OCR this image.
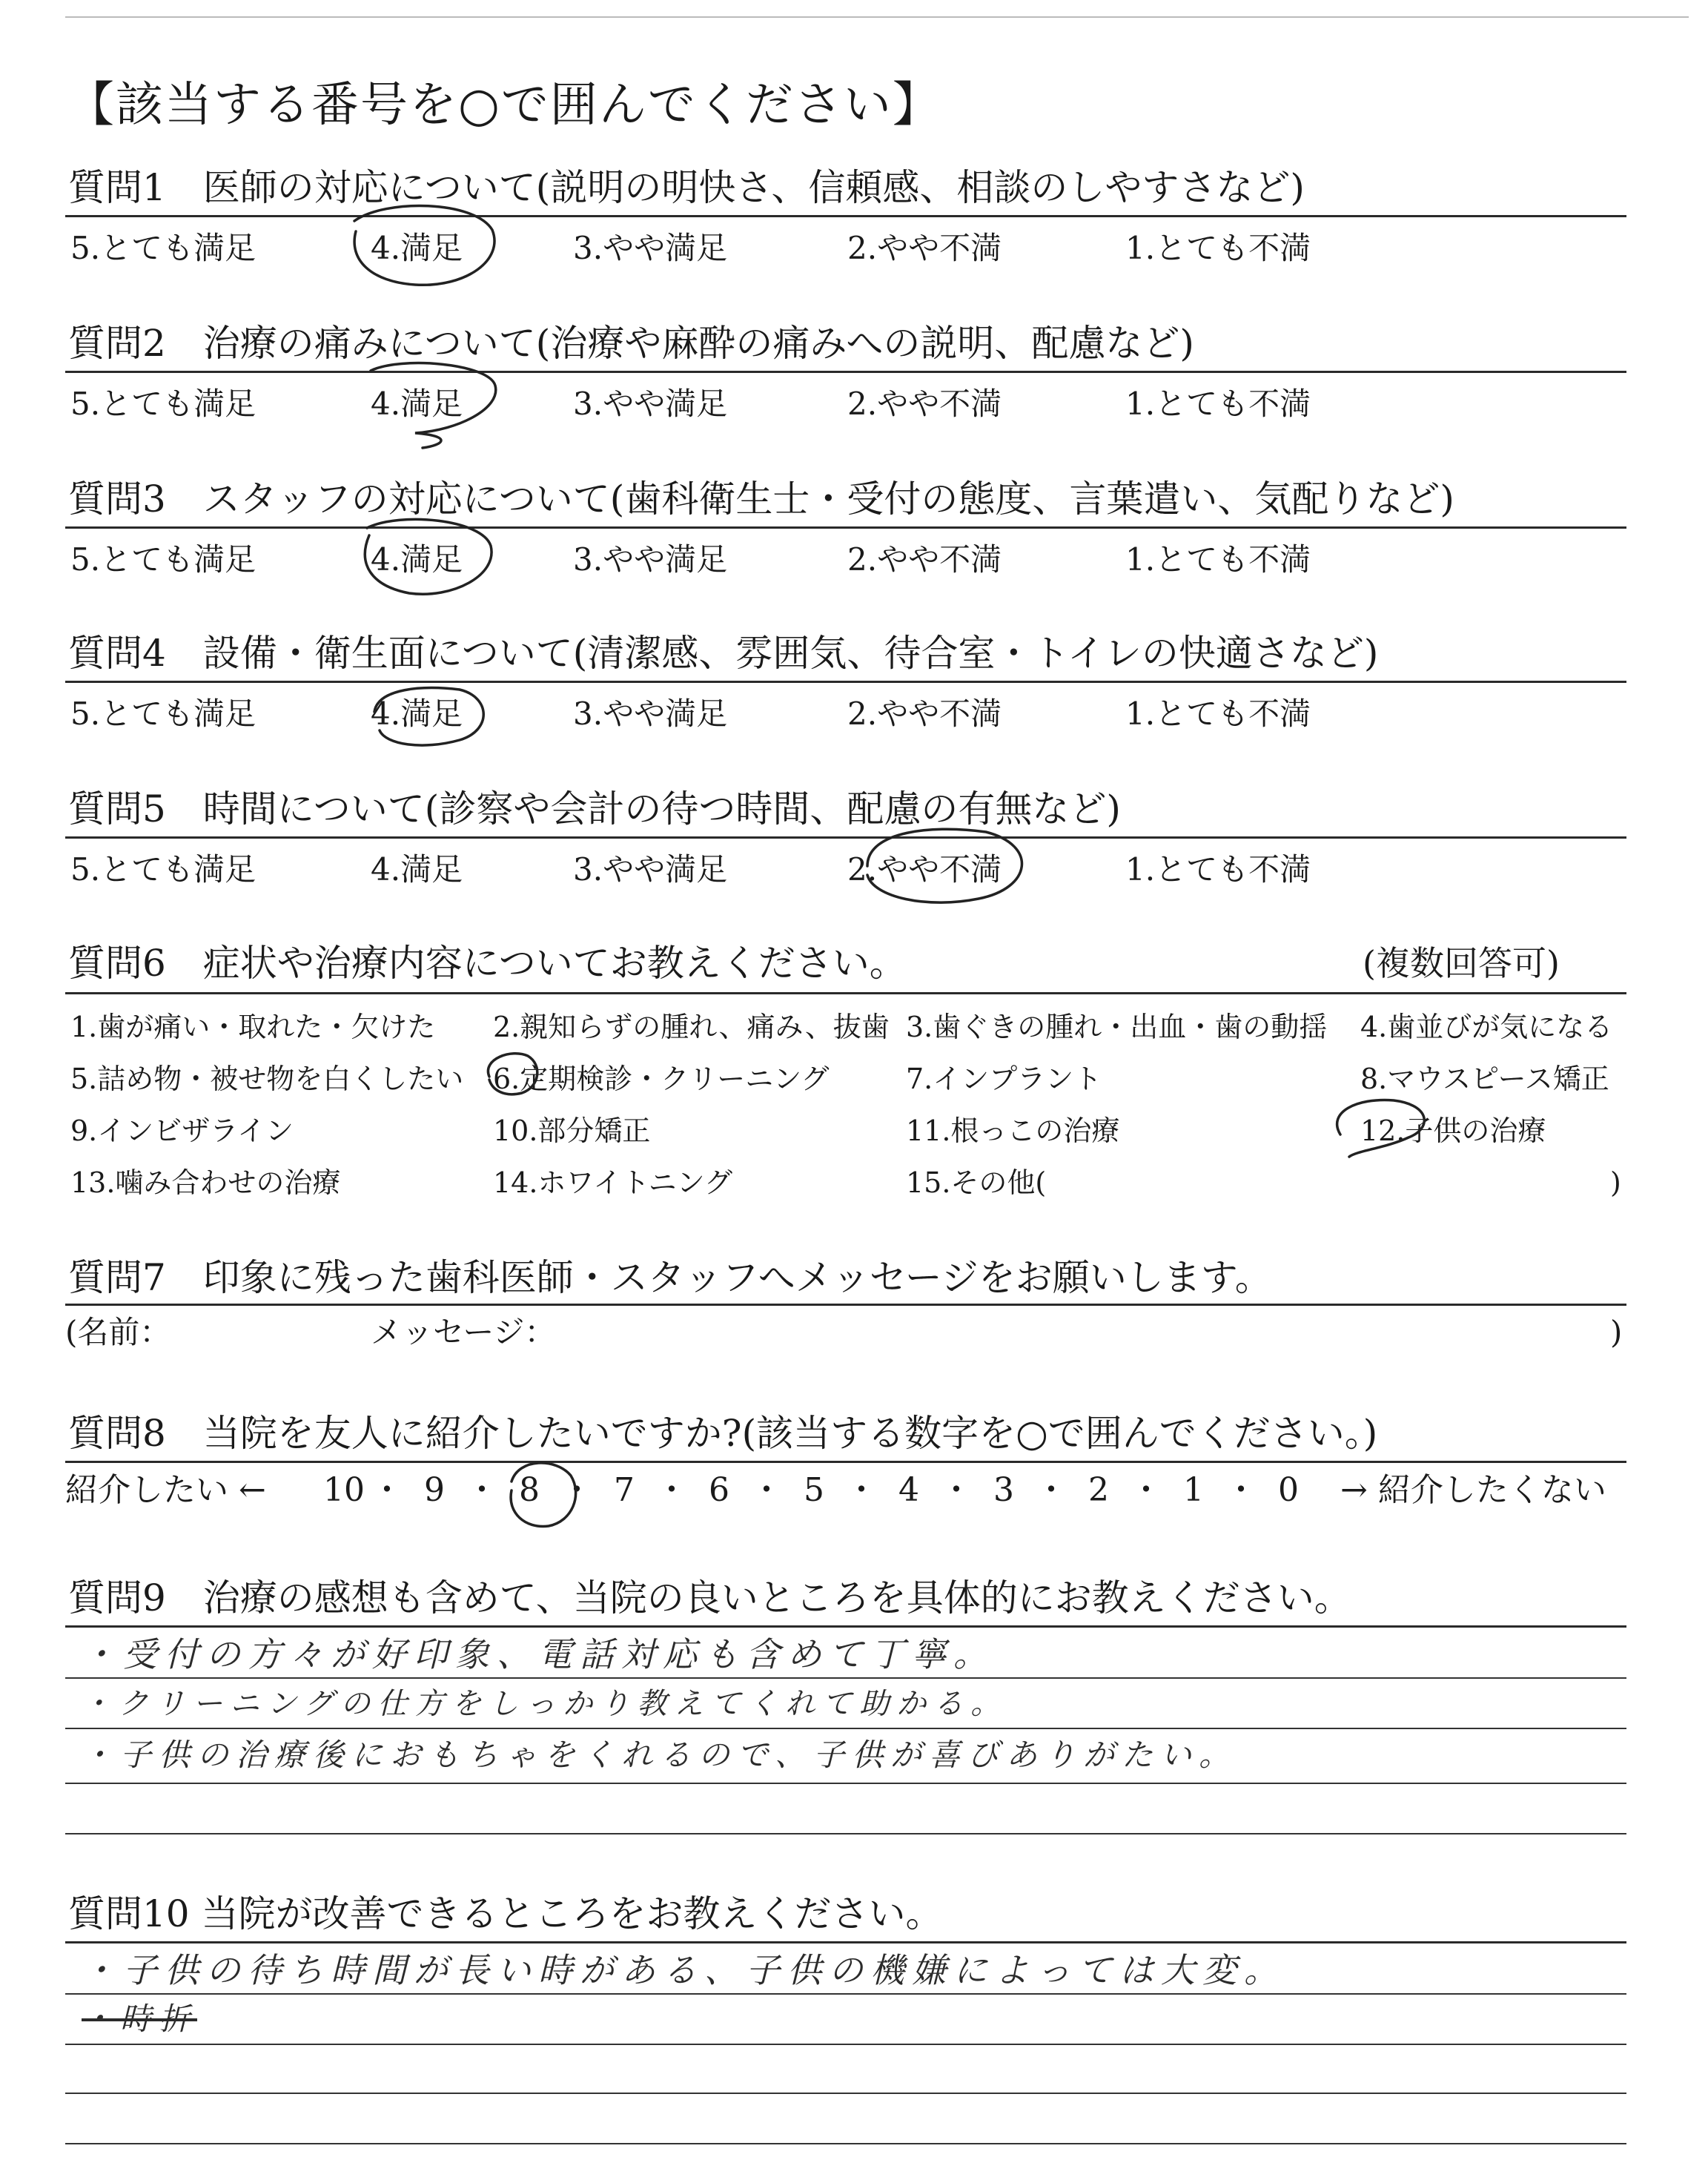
【該当する番号を○で囲んでください】
質問1　医師の対応について(説明の明快さ、信頼感、相談のしやすさなど)
5.とても満足	4.満足	3.やや満足	2.やや不満	1.とても不満
質問2　治療の痛みについて(治療や麻酔の痛みへの説明、配慮など)
5.とても満足	4.満足	3.やや満足	2.やや不満	1.とても不満
質問3　スタッフの対応について(歯科衛生士・受付の態度、言葉遣い、気配りなど)
5.とても満足	4.満足	3.やや満足	2.やや不満	1.とても不満
質問4　設備・衛生面について(清潔感、雰囲気、待合室・トイレの快適さなど)
5.とても満足	4.満足	3.やや満足	2.やや不満	1.とても不満
質問5　時間について(診察や会計の待つ時間、配慮の有無など)
5.とても満足	4.満足	3.やや満足	2.やや不満	1.とても不満
質問6　症状や治療内容についてお教えください。	(複数回答可)
1.歯が痛い・取れた・欠けた 2.親知らずの腫れ、痛み、抜歯 3.歯ぐきの腫れ・出血・歯の動揺 4.歯並びが気になる
5.詰め物・被せ物を白くしたい 6.定期検診・クリーニング	7.インプラント	8.マウスピース矯正
9.インビザライン	10.部分矯正	11.根っこの治療	12.子供の治療
13.噛み合わせの治療	14.ホワイトニング	15.その他(	)
質問7　印象に残った歯科医師・スタッフへメッセージをお願いします。
(名前：	メッセージ：	)
質問8　当院を友人に紹介したいですか?(該当する数字を○で囲んでください。)
紹介したい ← 10 ・ 9 ・ 8 ・ 7 ・ 6 ・ 5 ・ 4 ・ 3 ・ 2 ・ 1 ・ 0 → 紹介したくない
質問9　治療の感想も含めて、当院の良いところを具体的にお教えください。
・受付の方々が好印象、電話対応も含めて丁寧。
・クリーニングの仕方をしっかり教えてくれて助かる。
・子供の治療後におもちゃをくれるので、子供が喜びありがたい。
質問10 当院が改善できるところをお教えください。
・子供の待ち時間が長い時がある、子供の機嫌によっては大変。
・時折
